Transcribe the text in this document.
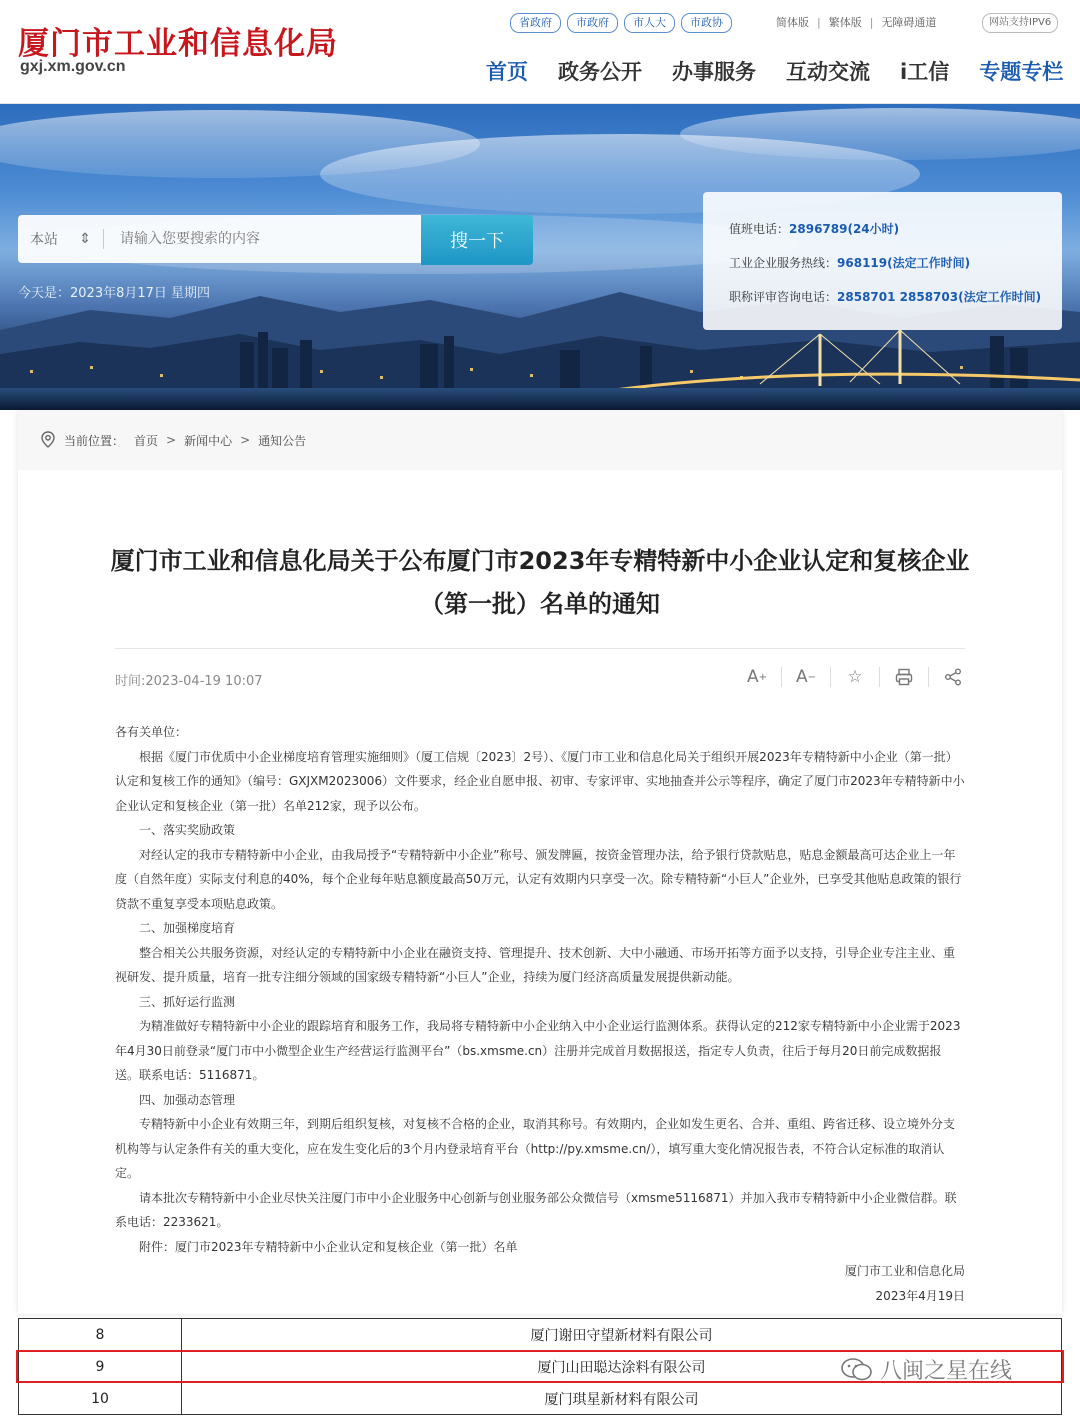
厦门市工业和信息化局
gxj.xm.gov.cn
省政府	市政府	市人大	市政协	简体版 | 繁体版 | 无障碍通道	网站支持IPV6
首页 政务公开 办事服务 互动交流 i工信 专题专栏
本站 ⇕
请输入您要搜索的内容	搜一下
今天是：2023年8月17日 星期四
值班电话：2896789(24小时)
工业企业服务热线：968119(法定工作时间)
职称评审咨询电话：2858701 2858703(法定工作时间)
当前位置： 首页 > 新闻中心 > 通知公告
厦门市工业和信息化局关于公布厦门市2023年专精特新中小企业认定和复核企业（第一批）名单的通知
时间:2023-04-19 10:07	A + A − ☆

各有关单位：

根据《厦门市优质中小企业梯度培育管理实施细则》（厦工信规〔2023〕2号）、《厦门市工业和信息化局关于组织开展2023年专精特新中小企业（第一批）认定和复核工作的通知》（编号：GXJXM2023006）文件要求，经企业自愿申报、初审、专家评审、实地抽查并公示等程序，确定了厦门市2023年专精特新中小企业认定和复核企业（第一批）名单212家，现予以公布。

一、落实奖励政策

对经认定的我市专精特新中小企业，由我局授予“专精特新中小企业”称号、颁发牌匾，按资金管理办法，给予银行贷款贴息，贴息金额最高可达企业上一年度（自然年度）实际支付利息的40%，每个企业每年贴息额度最高50万元，认定有效期内只享受一次。除专精特新“小巨人”企业外，已享受其他贴息政策的银行贷款不重复享受本项贴息政策。

二、加强梯度培育

整合相关公共服务资源，对经认定的专精特新中小企业在融资支持、管理提升、技术创新、大中小融通、市场开拓等方面予以支持，引导企业专注主业、重视研发、提升质量，培育一批专注细分领域的国家级专精特新“小巨人”企业，持续为厦门经济高质量发展提供新动能。

三、抓好运行监测

为精准做好专精特新中小企业的跟踪培育和服务工作，我局将专精特新中小企业纳入中小企业运行监测体系。获得认定的212家专精特新中小企业需于2023年4月30日前登录“厦门市中小微型企业生产经营运行监测平台”（bs.xmsme.cn）注册并完成首月数据报送，指定专人负责，往后于每月20日前完成数据报送。联系电话：5116871。

四、加强动态管理

专精特新中小企业有效期三年，到期后组织复核，对复核不合格的企业，取消其称号。有效期内，企业如发生更名、合并、重组、跨省迁移、设立境外分支机构等与认定条件有关的重大变化，应在发生变化后的3个月内登录培育平台（http://py.xmsme.cn/），填写重大变化情况报告表，不符合认定标准的取消认定。

请本批次专精特新中小企业尽快关注厦门市中小企业服务中心创新与创业服务部公众微信号（xmsme5116871）并加入我市专精特新中小企业微信群。联系电话：2233621。

附件：厦门市2023年专精特新中小企业认定和复核企业（第一批）名单

厦门市工业和信息化局

2023年4月19日

8	厦门谢田守望新材料有限公司
9	厦门山田聪达涂料有限公司
10	厦门琪星新材料有限公司
八闽之星在线
